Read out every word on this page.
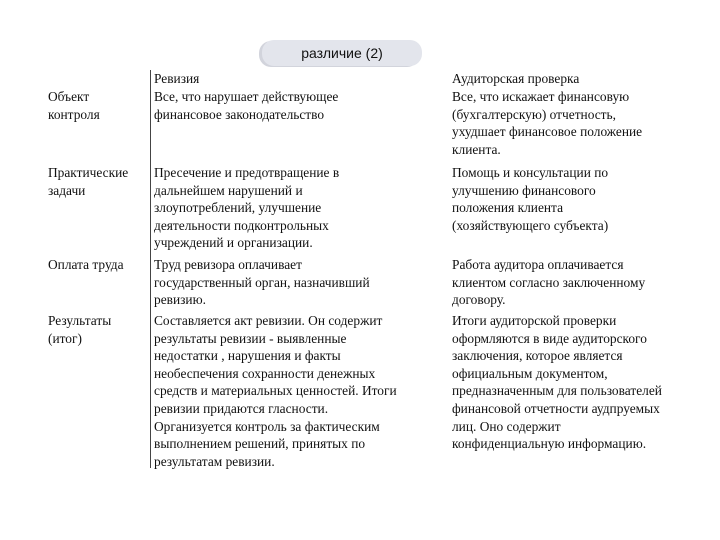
различие (2)
Ревизия	Аудиторская проверка
Объект
контроля
Все, что нарушает действующее
финансовое законодательство
Все, что искажает финансовую
(бухгалтерскую) отчетность,
ухудшает финансовое положение
клиента.
Практические
задачи
Пресечение и предотвращение в
дальнейшем нарушений и
злоупотреблений, улучшение
деятельности подконтрольных
учреждений и организации.
Помощь и консультации по
улучшению финансового
положения клиента
(хозяйствующего субъекта)
Оплата труда	Труд ревизора оплачивает
государственный орган, назначивший
ревизию.
Работа аудитора оплачивается
клиентом согласно заключенному
договору.
Результаты
(итог)
Составляется акт ревизии. Он содержит
результаты ревизии - выявленные
недостатки , нарушения и факты
необеспечения сохранности денежных
средств и материальных ценностей. Итоги
ревизии придаются гласности.
Организуется контроль за фактическим
выполнением решений, принятых по
результатам ревизии.
Итоги аудиторской проверки
оформляются в виде аудиторского
заключения, которое является
официальным документом,
предназначенным для пользователей
финансовой отчетности аудпруемых
лиц. Оно содержит
конфиденциальную информацию.
